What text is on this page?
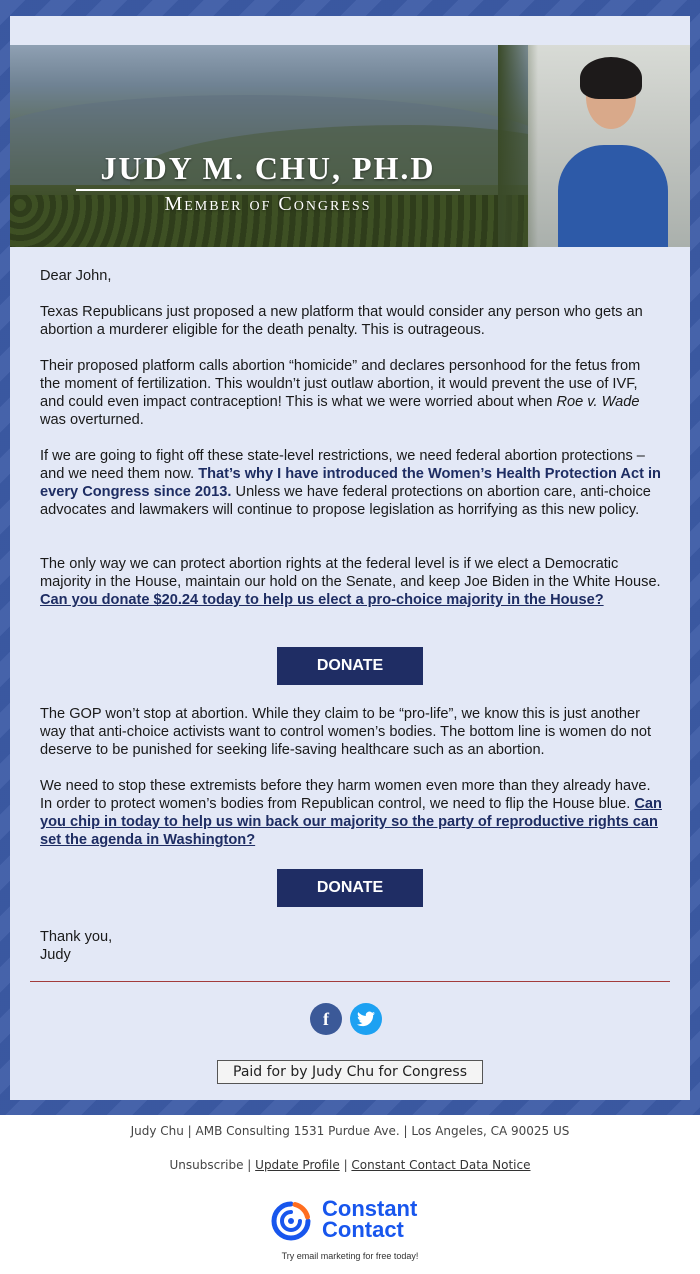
JUDY M. CHU, PH.D
Member of Congress

Dear John,

Texas Republicans just proposed a new platform that would consider any person who gets an abortion a murderer eligible for the death penalty. This is outrageous.

Their proposed platform calls abortion “homicide” and declares personhood for the fetus from the moment of fertilization. This wouldn’t just outlaw abortion, it would prevent the use of IVF, and could even impact contraception! This is what we were worried about when Roe v. Wade was overturned.

If we are going to fight off these state-level restrictions, we need federal abortion protections – and we need them now. That’s why I have introduced the Women’s Health Protection Act in every Congress since 2013. Unless we have federal protections on abortion care, anti-choice advocates and lawmakers will continue to propose legislation as horrifying as this new policy.

The only way we can protect abortion rights at the federal level is if we elect a Democratic majority in the House, maintain our hold on the Senate, and keep Joe Biden in the White House. Can you donate $20.24 today to help us elect a pro-choice majority in the House?

DONATE

The GOP won’t stop at abortion. While they claim to be “pro-life”, we know this is just another way that anti-choice activists want to control women’s bodies. The bottom line is women do not deserve to be punished for seeking life-saving healthcare such as an abortion.

We need to stop these extremists before they harm women even more than they already have. In order to protect women’s bodies from Republican control, we need to flip the House blue. Can you chip in today to help us win back our majority so the party of reproductive rights can set the agenda in Washington?

DONATE

Thank you,

Judy

f
Paid for by Judy Chu for Congress
Judy Chu | AMB Consulting 1531 Purdue Ave. | Los Angeles, CA 90025 US
Unsubscribe | Update Profile | Constant Contact Data Notice
Constant
Contact
Try email marketing for free today!
